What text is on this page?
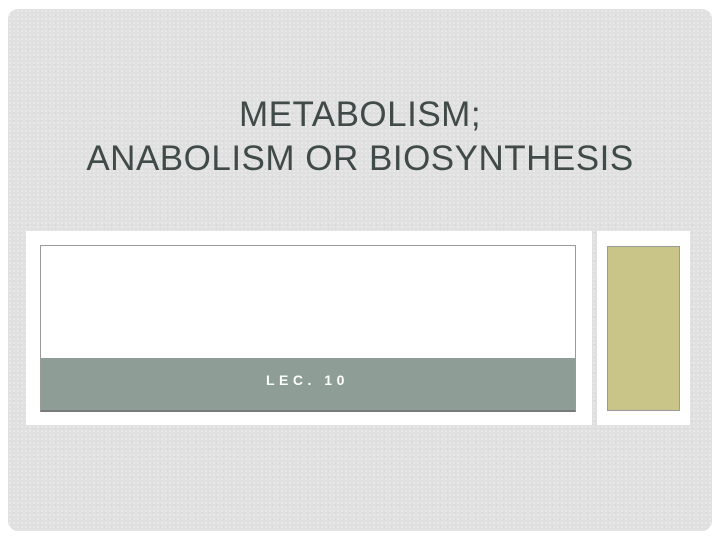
METABOLISM;
ANABOLISM OR BIOSYNTHESIS
LEC. 10
